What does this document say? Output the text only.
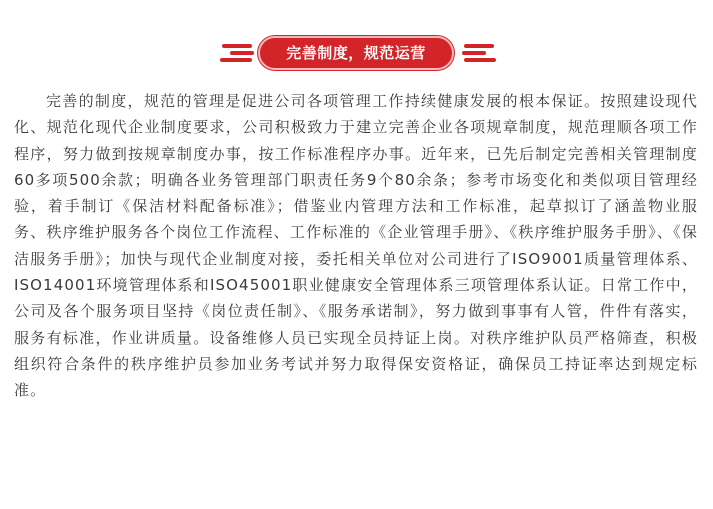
完善制度，规范运营

完善的制度，规范的管理是促进公司各项管理工作持续健康发展的根本保证。按照建设现代化、规范化现代企业制度要求，公司积极致力于建立完善企业各项规章制度，规范理顺各项工作程序，努力做到按规章制度办事，按工作标准程序办事。近年来，已先后制定完善相关管理制度60多项500余款；明确各业务管理部门职责任务9个80余条；参考市场变化和类似项目管理经验，着手制订《保洁材料配备标准》；借鉴业内管理方法和工作标准，起草拟订了涵盖物业服务、秩序维护服务各个岗位工作流程、工作标准的《企业管理手册》、《秩序维护服务手册》、《保洁服务手册》；加快与现代企业制度对接，委托相关单位对公司进行了ISO9001质量管理体系、ISO14001环境管理体系和ISO45001职业健康安全管理体系三项管理体系认证。日常工作中，公司及各个服务项目坚持《岗位责任制》、《服务承诺制》，努力做到事事有人管，件件有落实，服务有标准，作业讲质量。设备维修人员已实现全员持证上岗。对秩序维护队员严格筛查，积极组织符合条件的秩序维护员参加业务考试并努力取得保安资格证，确保员工持证率达到规定标准。
